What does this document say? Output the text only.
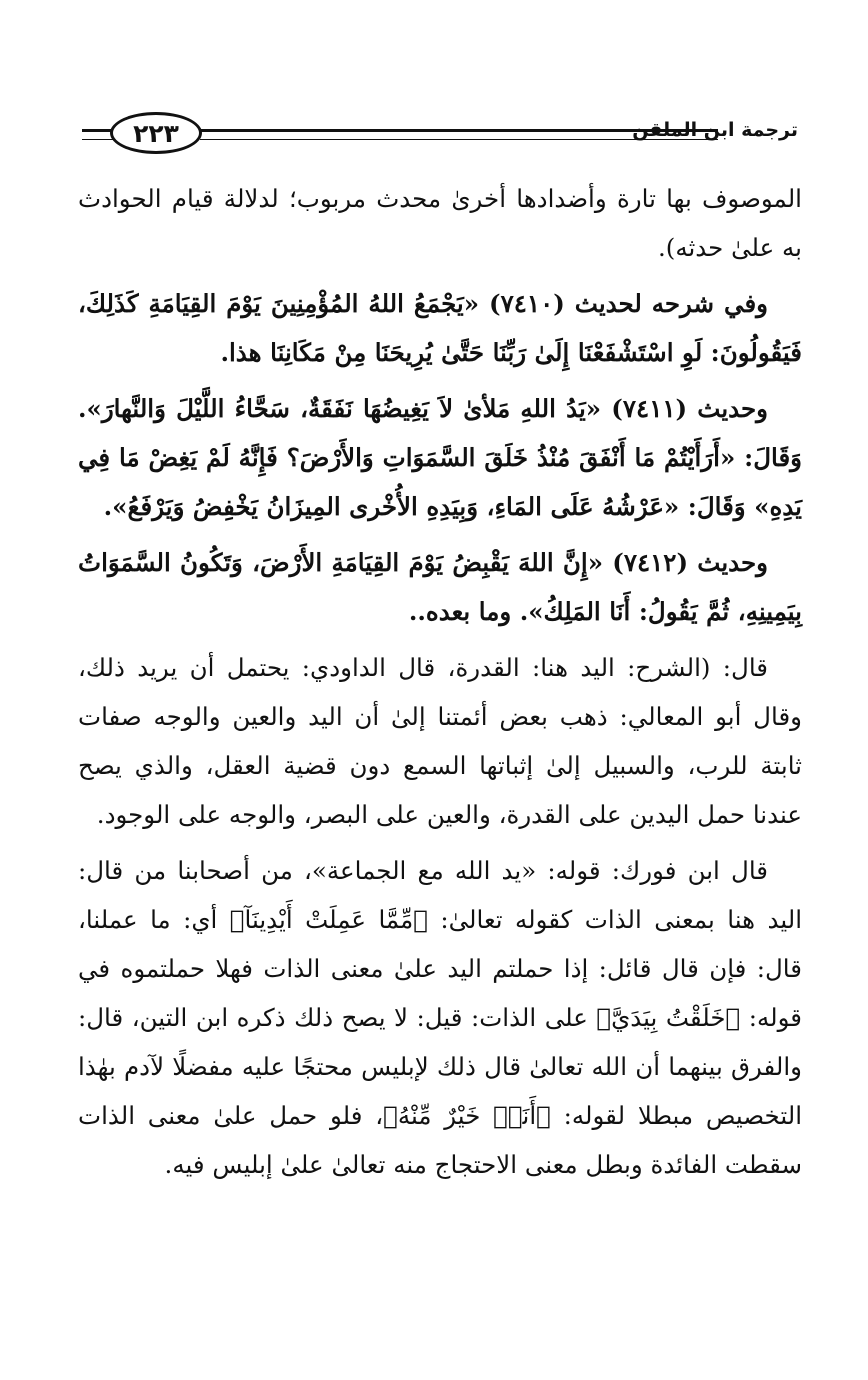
٢٢٣	ترجمة ابن الملقن

الموصوف بها تارة وأضدادها أخرىٰ محدث مربوب؛ لدلالة قيام الحوادث به علىٰ حدثه).

وفي شرحه لحديث (٧٤١٠) «يَجْمَعُ اللهُ المُؤْمِنِينَ يَوْمَ القِيَامَةِ كَذَلِكَ، فَيَقُولُونَ: لَوِ اسْتَشْفَعْنَا إِلَىٰ رَبِّنَا حَتَّىٰ يُرِيحَنَا مِنْ مَكَانِنَا هذا.

وحديث (٧٤١١) «يَدُ اللهِ مَلأىٰ لاَ يَغِيضُهَا نَفَقَةٌ، سَحَّاءُ اللَّيْلَ وَالنَّهارَ». وَقَالَ: «أَرَأَيْتُمْ مَا أَنْفَقَ مُنْذُ خَلَقَ السَّمَوَاتِ وَالأَرْضَ؟ فَإِنَّهُ لَمْ يَغِضْ مَا فِي يَدِهِ» وَقَالَ: «عَرْشُهُ عَلَى المَاءِ، وَبِيَدِهِ الأُخْرى المِيزَانُ يَخْفِضُ وَيَرْفَعُ».

وحديث (٧٤١٢) «إِنَّ اللهَ يَقْبِضُ يَوْمَ القِيَامَةِ الأَرْضَ، وَتَكُونُ السَّمَوَاتُ بِيَمِينِهِ، ثُمَّ يَقُولُ: أَنَا المَلِكُ». وما بعده..

قال: (الشرح: اليد هنا: القدرة، قال الداودي: يحتمل أن يريد ذلك، وقال أبو المعالي: ذهب بعض أئمتنا إلىٰ أن اليد والعين والوجه صفات ثابتة للرب، والسبيل إلىٰ إثباتها السمع دون قضية العقل، والذي يصح عندنا حمل اليدين على القدرة، والعين على البصر، والوجه على الوجود.

قال ابن فورك: قوله: «يد الله مع الجماعة»، من أصحابنا من قال: اليد هنا بمعنى الذات كقوله تعالىٰ: ﴿مِّمَّا عَمِلَتْ أَيْدِينَآ﴾ أي: ما عملنا، قال: فإن قال قائل: إذا حملتم اليد علىٰ معنى الذات فهلا حملتموه في قوله: ﴿خَلَقْتُ بِيَدَيَّ﴾ على الذات: قيل: لا يصح ذلك ذكره ابن التين، قال: والفرق بينهما أن الله تعالىٰ قال ذلك لإبليس محتجًا عليه مفضلًا لآدم بهٰذا التخصيص مبطلا لقوله: ﴿أَنَا۠ خَيْرٌ مِّنْهُ﴾، فلو حمل علىٰ معنى الذات سقطت الفائدة وبطل معنى الاحتجاج منه تعالىٰ علىٰ إبليس فيه.
